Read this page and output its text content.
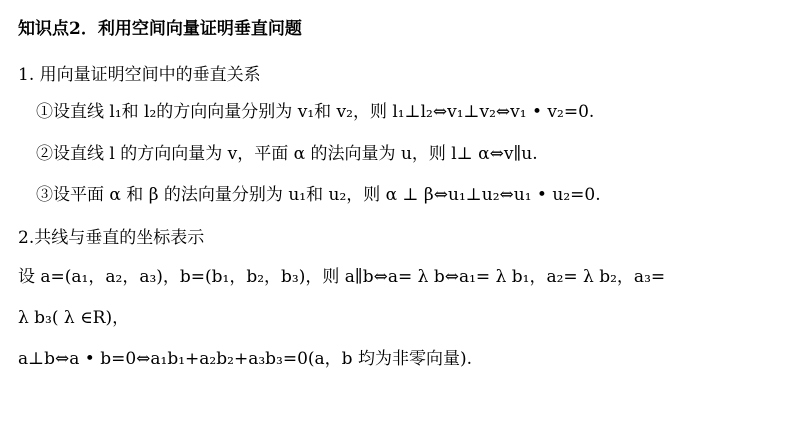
知识点2．利用空间向量证明垂直问题
1. 用向量证明空间中的垂直关系
①设直线 l₁和 l₂的方向向量分别为 v₁和 v₂，则 l₁⊥l₂⇔v₁⊥v₂⇔v₁ • v₂=0.
②设直线 l 的方向向量为 v，平面 α 的法向量为 u，则 l⊥ α⇔v∥u.
③设平面 α 和 β 的法向量分别为 u₁和 u₂，则 α ⊥ β⇔u₁⊥u₂⇔u₁ • u₂=0.
2.共线与垂直的坐标表示
设 a=(a₁，a₂，a₃)，b=(b₁，b₂，b₃)，则 a∥b⇔a= λ b⇔a₁= λ b₁，a₂= λ b₂，a₃=
λ b₃( λ ∈R)，
a⊥b⇔a • b=0⇔a₁b₁+a₂b₂+a₃b₃=0(a，b 均为非零向量).
